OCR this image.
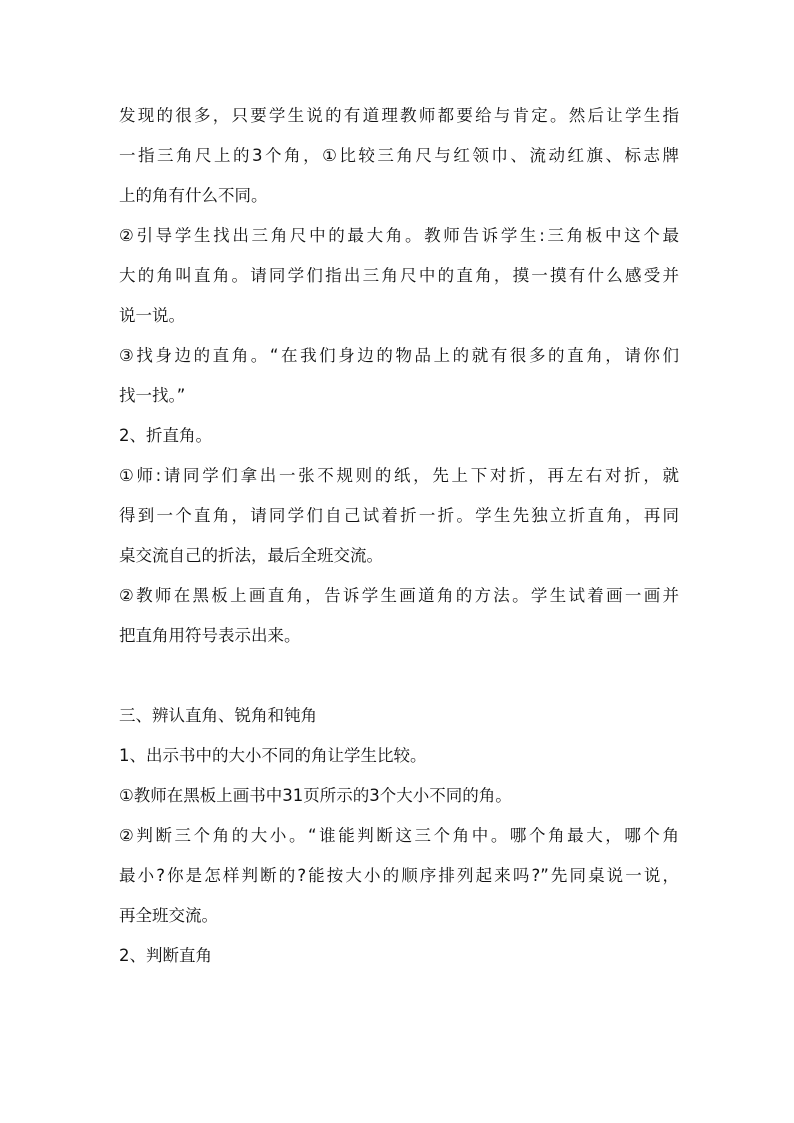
发现的很多，只要学生说的有道理教师都要给与肯定。然后让学生指
一指三角尺上的3个角，①比较三角尺与红领巾、流动红旗、标志牌
上的角有什么不同。
②引导学生找出三角尺中的最大角。教师告诉学生:三角板中这个最
大的角叫直角。请同学们指出三角尺中的直角，摸一摸有什么感受并
说一说。
③找身边的直角。“在我们身边的物品上的就有很多的直角，请你们
找一找。”
2、折直角。
①师:请同学们拿出一张不规则的纸，先上下对折，再左右对折，就
得到一个直角，请同学们自己试着折一折。学生先独立折直角，再同
桌交流自己的折法，最后全班交流。
②教师在黑板上画直角，告诉学生画道角的方法。学生试着画一画并
把直角用符号表示出来。
三、辨认直角、锐角和钝角
1、出示书中的大小不同的角让学生比较。
①教师在黑板上画书中31页所示的3个大小不同的角。
②判断三个角的大小。“谁能判断这三个角中。哪个角最大，哪个角
最小?你是怎样判断的?能按大小的顺序排列起来吗?”先同桌说一说，
再全班交流。
2、判断直角
